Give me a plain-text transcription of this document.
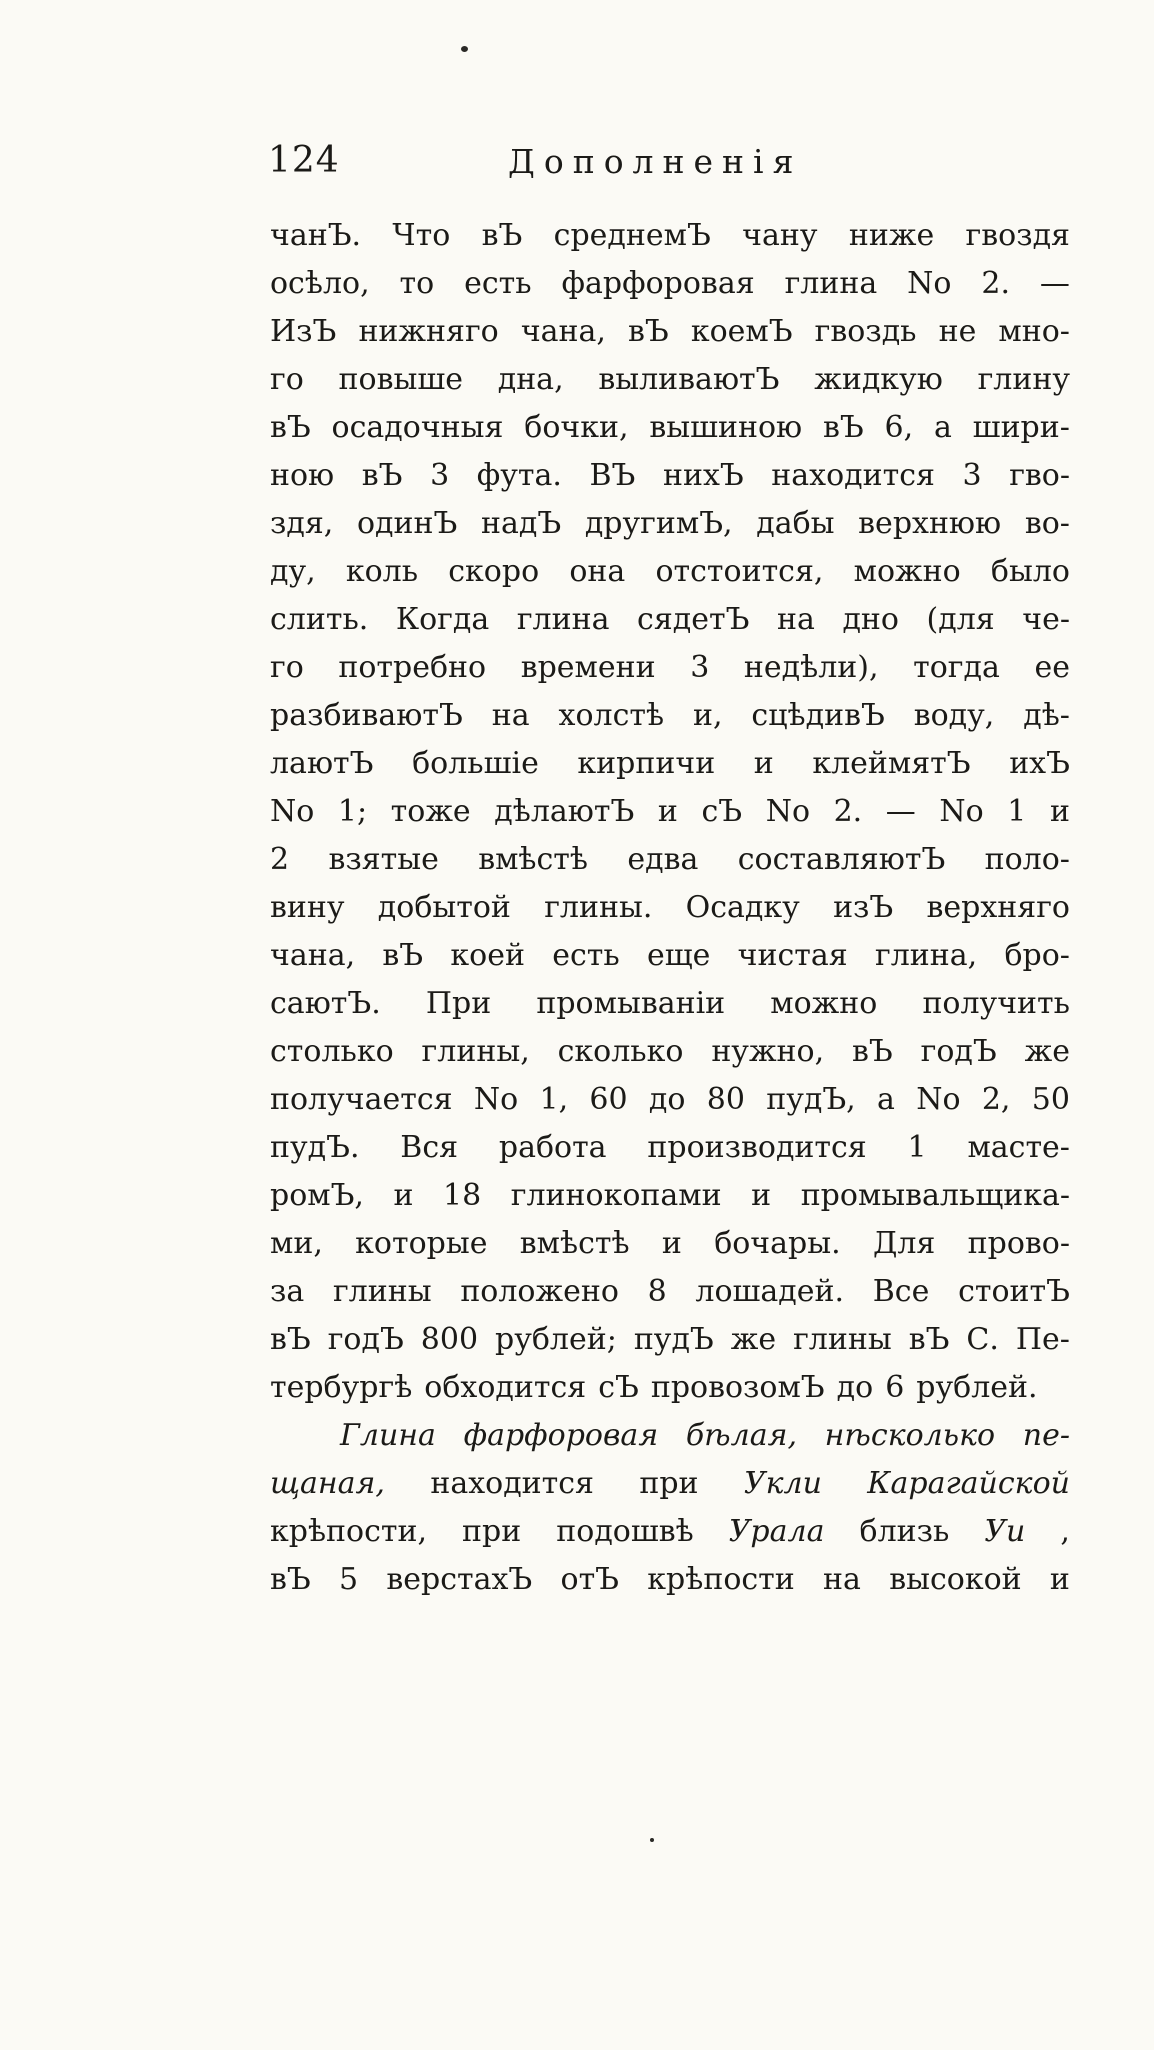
124	Дополненія
чанЪ. Что вЪ среднемЪ чану ниже гвоздя
осѣло, то есть фарфоровая глина No 2. —
ИзЪ нижняго чана, вЪ коемЪ гвоздь не мно-
го повыше дна, выливаютЪ жидкую глину
вЪ осадочныя бочки, вышиною вЪ 6, а шири-
ною вЪ 3 фута. ВЪ нихЪ находится 3 гво-
здя, одинЪ надЪ другимЪ, дабы верхнюю во-
ду, коль скоро она отстоится, можно было
слить. Когда глина сядетЪ на дно (для че-
го потребно времени 3 недѣли), тогда ее
разбиваютЪ на холстѣ и, сцѣдивЪ воду, дѣ-
лаютЪ большіе кирпичи и клеймятЪ ихЪ
No 1; тоже дѣлаютЪ и сЪ No 2. — No 1 и
2 взятые вмѣстѣ едва составляютЪ поло-
вину добытой глины. Осадку изЪ верхняго
чана, вЪ коей есть еще чистая глина, бро-
саютЪ. При промываніи можно получить
столько глины, сколько нужно, вЪ годЪ же
получается No 1, 60 до 80 пудЪ, а No 2, 50
пудЪ. Вся работа производится 1 масте-
ромЪ, и 18 глинокопами и промывальщика-
ми, которые вмѣстѣ и бочары. Для прово-
за глины положено 8 лошадей. Все стоитЪ
вЪ годЪ 800 рублей; пудЪ же глины вЪ С. Пе-
тербургѣ обходится сЪ провозомЪ до 6 рублей.
Глина фарфоровая бѣлая, нѣсколько пе-
щаная, находится при Укли Карагайской
крѣпости, при подошвѣ Урала близь Уи ,
вЪ 5 верстахЪ отЪ крѣпости на высокой и
